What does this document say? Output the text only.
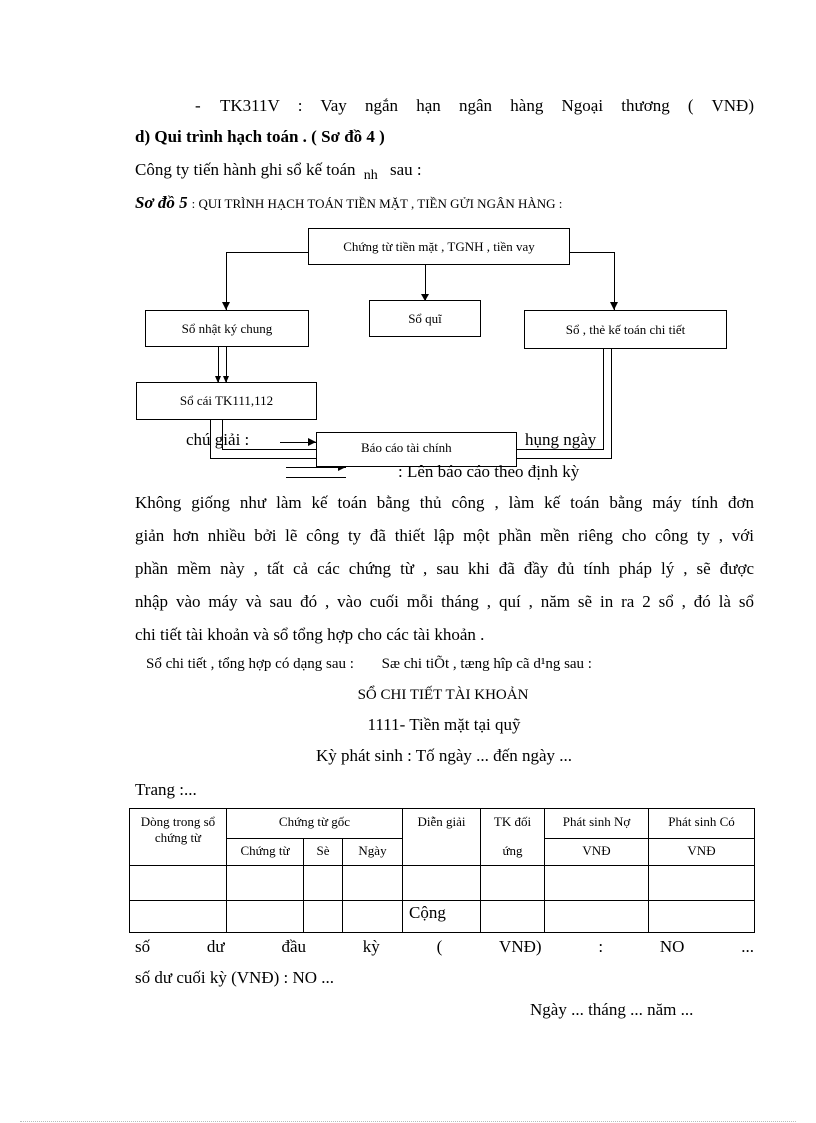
- TK311V : Vay ngắn hạn ngân hàng Ngoại thương ( VNĐ)
d) Qui trình hạch toán . ( Sơ đồ 4 )
Công ty tiến hành ghi sổ kế toán $_{nh}$ sau :
Sơ đồ 5 : QUI TRÌNH HẠCH TOÁN TIỀN MẶT , TIỀN GỬI NGÂN HÀNG :
Chứng từ tiền mặt , TGNH , tiền vay
Sổ nhật ký chung
Sổ quĩ
Sổ , thẻ kế toán chi tiết
Sổ cái TK111,112
Báo cáo tài chính
chú giải :	hụng ngày
: Lên báo cáo theo định kỳ
Không giống như làm kế toán bằng thủ công , làm kế toán bằng máy tính đơn
giản hơn nhiều bởi lẽ công ty đã thiết lập một phần mền riêng cho công ty , với
phần mềm này , tất cả các chứng từ , sau khi đã đầy đủ tính pháp lý , sẽ được
nhập vào máy và sau đó , vào cuối mỗi tháng , quí , năm sẽ in ra 2 sổ , đó là sổ
chi tiết tài khoản và sổ tổng hợp cho các tài khoản .
Sổ chi tiết , tổng hợp có dạng sau : Sæ chi tiÕt , tæng hîp cã d¹ng sau :
SỔ CHI TIẾT TÀI KHOẢN
1111- Tiền mặt tại quỹ
Kỳ phát sinh : Tố ngày ... đến ngày ...
Trang :...
Dòng trong sổ chứng từ	Chứng từ gốc			Diễn giải	TK đối	Phát sinh Nợ	Phát sinh Có
	Chứng từ	Sè	Ngày		ứng	VNĐ	VNĐ

				Cộng			
số	dư	đầu	kỳ	(	VNĐ)	:	NO	...
số dư cuối kỳ (VNĐ) : NO ...
Ngày ... tháng ... năm ...
